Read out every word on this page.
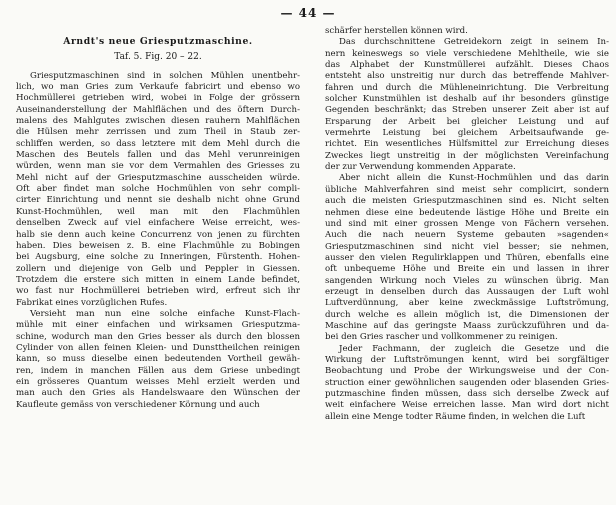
— 44 —
Arndt's neue Griesputzmaschine.
Taf. 5. Fig. 20 – 22.

Griesputzmaschinen sind in solchen Mühlen unentbehr-
lich, wo man Gries zum Verkaufe fabricirt und ebenso wo
Hochmüllerei getrieben wird, wobei in Folge der grössern
Auseinanderstellung der Mahlflächen und des öftern Durch-
malens des Mahlgutes zwischen diesen rauhern Mahlflächen
die Hülsen mehr zerrissen und zum Theil in Staub zer-
schliffen werden, so dass letztere mit dem Mehl durch die
Maschen des Beutels fallen und das Mehl verunreinigen
würden, wenn man sie vor dem Vermahlen des Griesses zu
Mehl nicht auf der Griesputzmaschine ausscheiden würde.
Oft aber findet man solche Hochmühlen von sehr compli-
cirter Einrichtung und nennt sie deshalb nicht ohne Grund
Kunst-Hochmühlen, weil man mit den Flachmühlen
denselben Zweck auf viel einfachere Weise erreicht, wes-
halb sie denn auch keine Concurrenz von jenen zu fürchten
haben. Dies beweisen z. B. eine Flachmühle zu Bobingen
bei Augsburg, eine solche zu Inneringen, Fürstenth. Hohen-
zollern und diejenige von Gelb und Peppler in Giessen.
Trotzdem die erstere sich mitten in einem Lande befindet,
wo fast nur Hochmüllerei betrieben wird, erfreut sich ihr
Fabrikat eines vorzüglichen Rufes.

Versieht man nun eine solche einfache Kunst-Flach-
mühle mit einer einfachen und wirksamen Griesputzma-
schine, wodurch man den Gries besser als durch den blossen
Cylinder von allen feinen Kleien- und Dunsttheilchen reinigen
kann, so muss dieselbe einen bedeutenden Vortheil gewäh-
ren, indem in manchen Fällen aus dem Griese unbedingt
ein grösseres Quantum weisses Mehl erzielt werden und
man auch den Gries als Handelswaare den Wünschen der
Kaufleute gemäss von verschiedener Körnung und auch

schärfer herstellen können wird.

Das durchschnittene Getreidekorn zeigt in seinem In-
nern keineswegs so viele verschiedene Mehltheile, wie sie
das Alphabet der Kunstmüllerei aufzählt. Dieses Chaos
entsteht also unstreitig nur durch das betreffende Mahlver-
fahren und durch die Mühleneinrichtung. Die Verbreitung
solcher Kunstmühlen ist deshalb auf ihr besonders günstige
Gegenden beschränkt; das Streben unserer Zeit aber ist auf
Ersparung der Arbeit bei gleicher Leistung und auf
vermehrte Leistung bei gleichem Arbeitsaufwande ge-
richtet. Ein wesentliches Hülfsmittel zur Erreichung dieses
Zweckes liegt unstreitig in der möglichsten Vereinfachung
der zur Verwendung kommenden Apparate.

Aber nicht allein die Kunst-Hochmühlen und das darin
übliche Mahlverfahren sind meist sehr complicirt, sondern
auch die meisten Griesputzmaschinen sind es. Nicht selten
nehmen diese eine bedeutende lästige Höhe und Breite ein
und sind mit einer grossen Menge von Fächern versehen.
Auch die nach neuern Systeme gebauten »sagenden«
Griesputzmaschinen sind nicht viel besser; sie nehmen,
ausser den vielen Regulirklappen und Thüren, ebenfalls eine
oft unbequeme Höhe und Breite ein und lassen in ihrer
sangenden Wirkung noch Vieles zu wünschen übrig. Man
erzeugt in denselben durch das Aussaugen der Luft wohl
Luftverdünnung, aber keine zweckmässige Luftströmung,
durch welche es allein möglich ist, die Dimensionen der
Maschine auf das geringste Maass zurückzuführen und da-
bei den Gries rascher und vollkommener zu reinigen.

Jeder Fachmann, der zugleich die Gesetze und die
Wirkung der Luftströmungen kennt, wird bei sorgfältiger
Beobachtung und Probe der Wirkungsweise und der Con-
struction einer gewöhnlichen saugenden oder blasenden Gries-
putzmaschine finden müssen, dass sich derselbe Zweck auf
weit einfachere Weise erreichen lasse. Man wird dort nicht
allein eine Menge todter Räume finden, in welchen die Luft
